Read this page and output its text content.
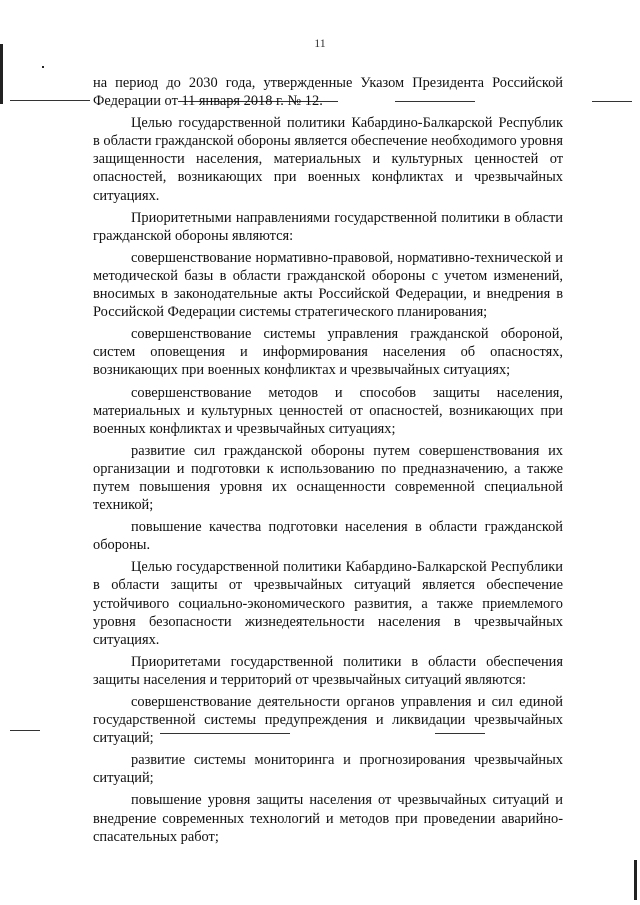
11

на период до 2030 года, утвержденные Указом Президента Российской Федерации от 11 января 2018 г. № 12.

Целью государственной политики Кабардино-Балкарской Республик в области гражданской обороны является обеспечение необходимого уровня защищенности населения, материальных и культурных ценностей от опасностей, возникающих при военных конфликтах и чрезвычайных ситуациях.

Приоритетными направлениями государственной политики в области гражданской обороны являются:

совершенствование нормативно-правовой, нормативно-технической и методической базы в области гражданской обороны с учетом изменений, вносимых в законодательные акты Российской Федерации, и внедрения в Российской Федерации системы стратегического планирования;

совершенствование системы управления гражданской обороной, систем оповещения и информирования населения об опасностях, возникающих при военных конфликтах и чрезвычайных ситуациях;

совершенствование методов и способов защиты населения, материальных и культурных ценностей от опасностей, возникающих при военных конфликтах и чрезвычайных ситуациях;

развитие сил гражданской обороны путем совершенствования их организации и подготовки к использованию по предназначению, а также путем повышения уровня их оснащенности современной специальной техникой;

повышение качества подготовки населения в области гражданской обороны.

Целью государственной политики Кабардино-Балкарской Республики в области защиты от чрезвычайных ситуаций является обеспечение устойчивого социально-экономического развития, а также приемлемого уровня безопасности жизнедеятельности населения в чрезвычайных ситуациях.

Приоритетами государственной политики в области обеспечения защиты населения и территорий от чрезвычайных ситуаций являются:

совершенствование деятельности органов управления и сил единой государственной системы предупреждения и ликвидации чрезвычайных ситуаций;

развитие системы мониторинга и прогнозирования чрезвычайных ситуаций;

повышение уровня защиты населения от чрезвычайных ситуаций и внедрение современных технологий и методов при проведении аварийно-спасательных работ;
